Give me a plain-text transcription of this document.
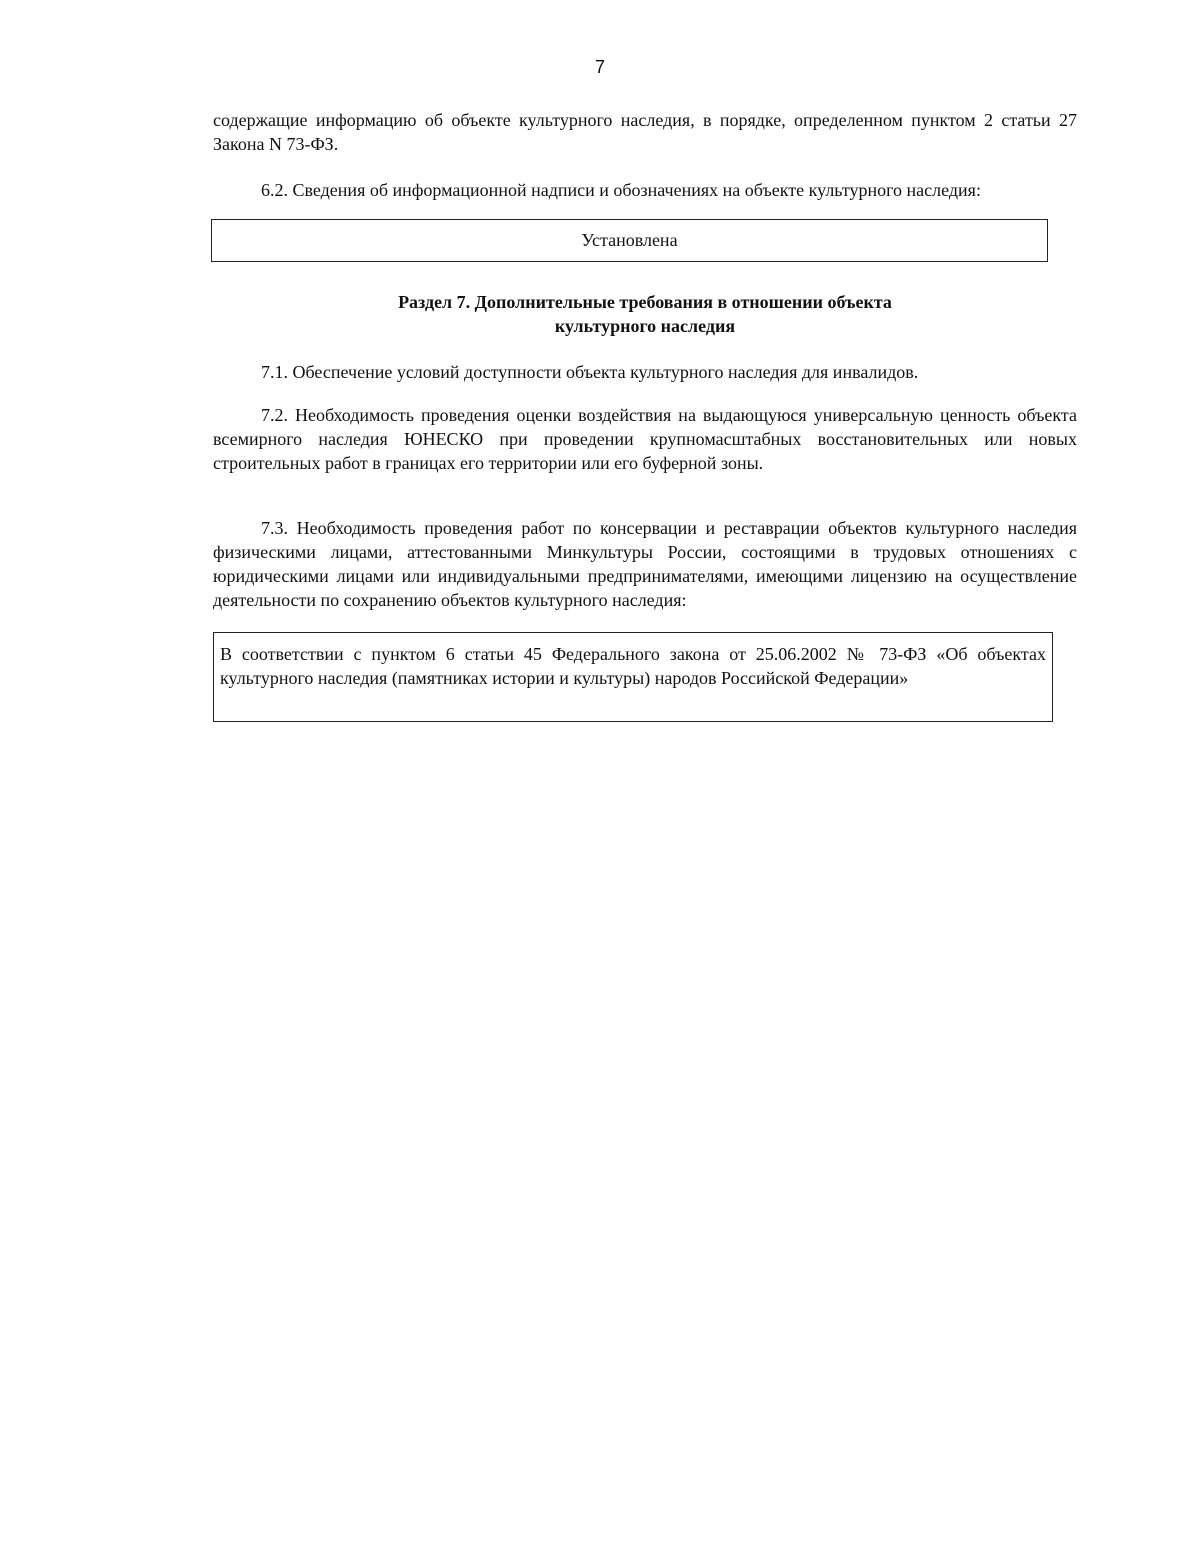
7

содержащие информацию об объекте культурного наследия, в порядке, определенном пунктом 2 статьи 27 Закона N 73-ФЗ.

6.2. Сведения об информационной надписи и обозначениях на объекте культурного наследия:

Установлена
Раздел 7. Дополнительные требования в отношении объекта
культурного наследия

7.1. Обеспечение условий доступности объекта культурного наследия для инвалидов.

7.2. Необходимость проведения оценки воздействия на выдающуюся универсальную ценность объекта всемирного наследия ЮНЕСКО при проведении крупномасштабных восстановительных или новых строительных работ в границах его территории или его буферной зоны.

7.3. Необходимость проведения работ по консервации и реставрации объектов культурного наследия физическими лицами, аттестованными Минкультуры России, состоящими в трудовых отношениях с юридическими лицами или индивидуальными предпринимателями, имеющими лицензию на осуществление деятельности по сохранению объектов культурного наследия:

В соответствии с пунктом 6 статьи 45 Федерального закона от 25.06.2002 № 73-ФЗ «Об объектах культурного наследия (памятниках истории и культуры) народов Российской Федерации»
